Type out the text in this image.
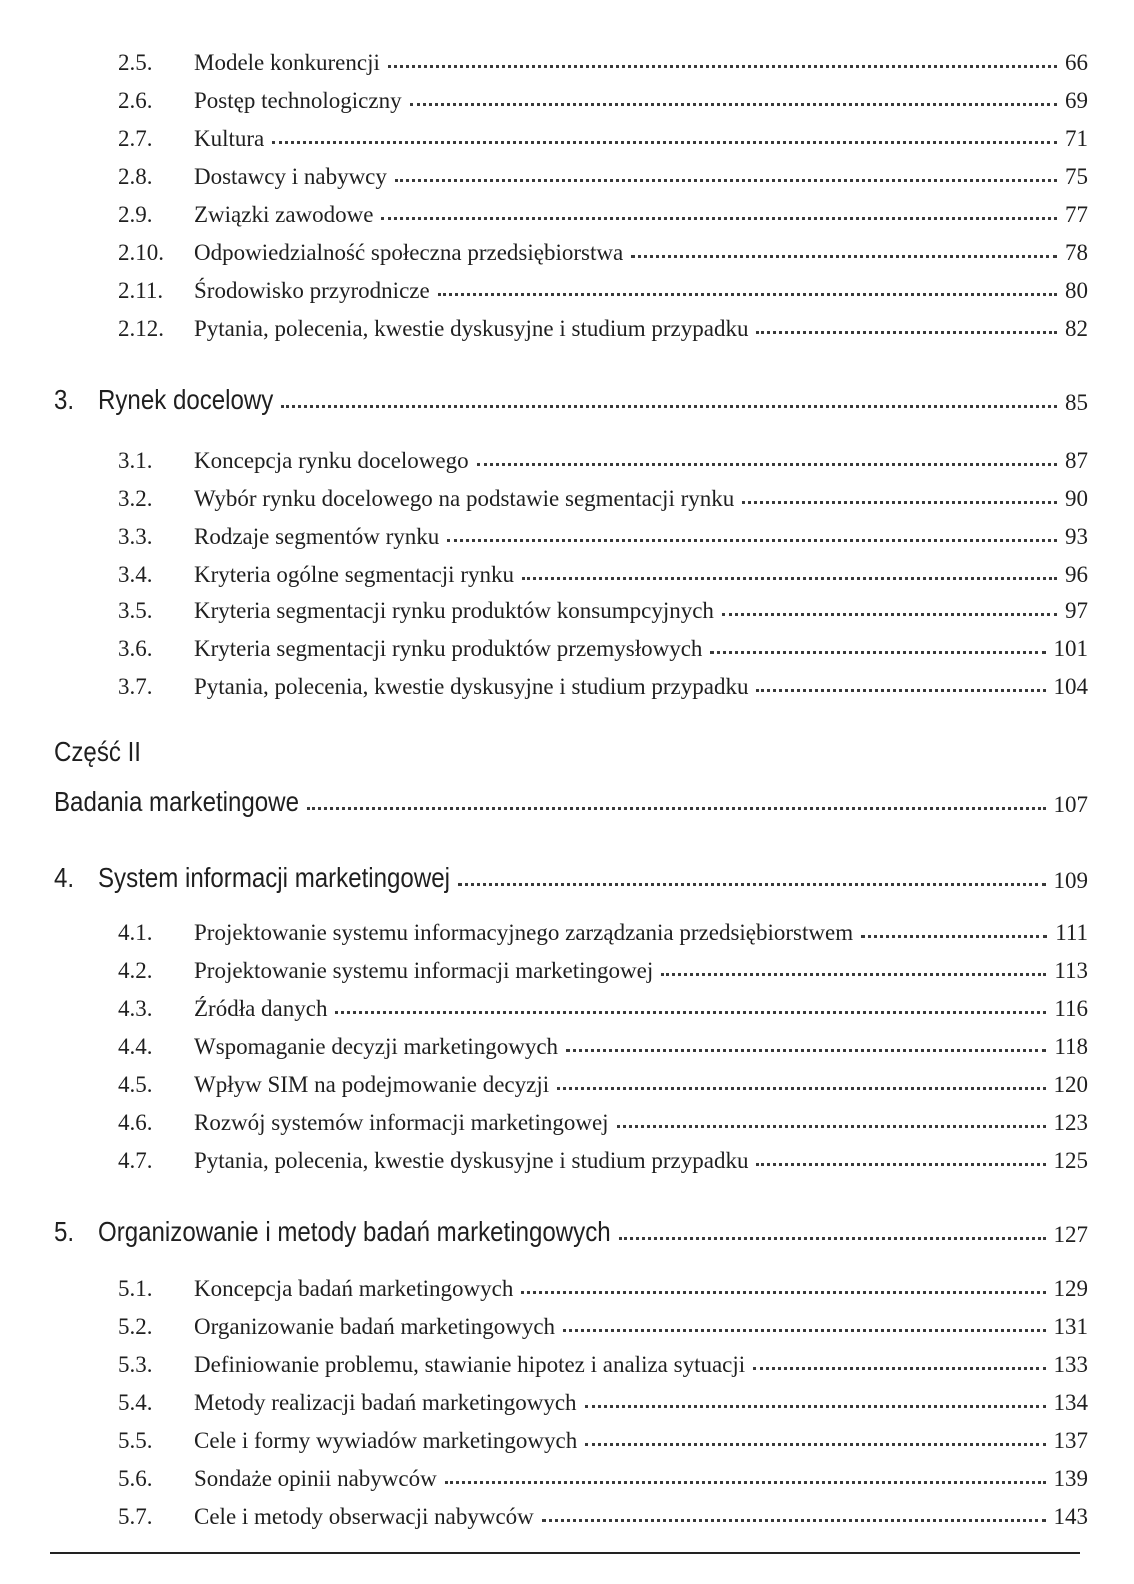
2.5. Modele konkurencji	66
2.6. Postęp technologiczny	69
2.7. Kultura	71
2.8. Dostawcy i nabywcy	75
2.9. Związki zawodowe	77
2.10. Odpowiedzialność społeczna przedsiębiorstwa	78
2.11. Środowisko przyrodnicze	80
2.12. Pytania, polecenia, kwestie dyskusyjne i studium przypadku	82
3. Rynek docelowy	85
3.1. Koncepcja rynku docelowego	87
3.2. Wybór rynku docelowego na podstawie segmentacji rynku	90
3.3. Rodzaje segmentów rynku	93
3.4. Kryteria ogólne segmentacji rynku	96
3.5. Kryteria segmentacji rynku produktów konsumpcyjnych	97
3.6. Kryteria segmentacji rynku produktów przemysłowych	101
3.7. Pytania, polecenia, kwestie dyskusyjne i studium przypadku	104
Część II
Badania marketingowe	107
4. System informacji marketingowej	109
4.1. Projektowanie systemu informacyjnego zarządzania przedsiębiorstwem	111
4.2. Projektowanie systemu informacji marketingowej	113
4.3. Źródła danych	116
4.4. Wspomaganie decyzji marketingowych	118
4.5. Wpływ SIM na podejmowanie decyzji	120
4.6. Rozwój systemów informacji marketingowej	123
4.7. Pytania, polecenia, kwestie dyskusyjne i studium przypadku	125
5. Organizowanie i metody badań marketingowych	127
5.1. Koncepcja badań marketingowych	129
5.2. Organizowanie badań marketingowych	131
5.3. Definiowanie problemu, stawianie hipotez i analiza sytuacji	133
5.4. Metody realizacji badań marketingowych	134
5.5. Cele i formy wywiadów marketingowych	137
5.6. Sondaże opinii nabywców	139
5.7. Cele i metody obserwacji nabywców	143
